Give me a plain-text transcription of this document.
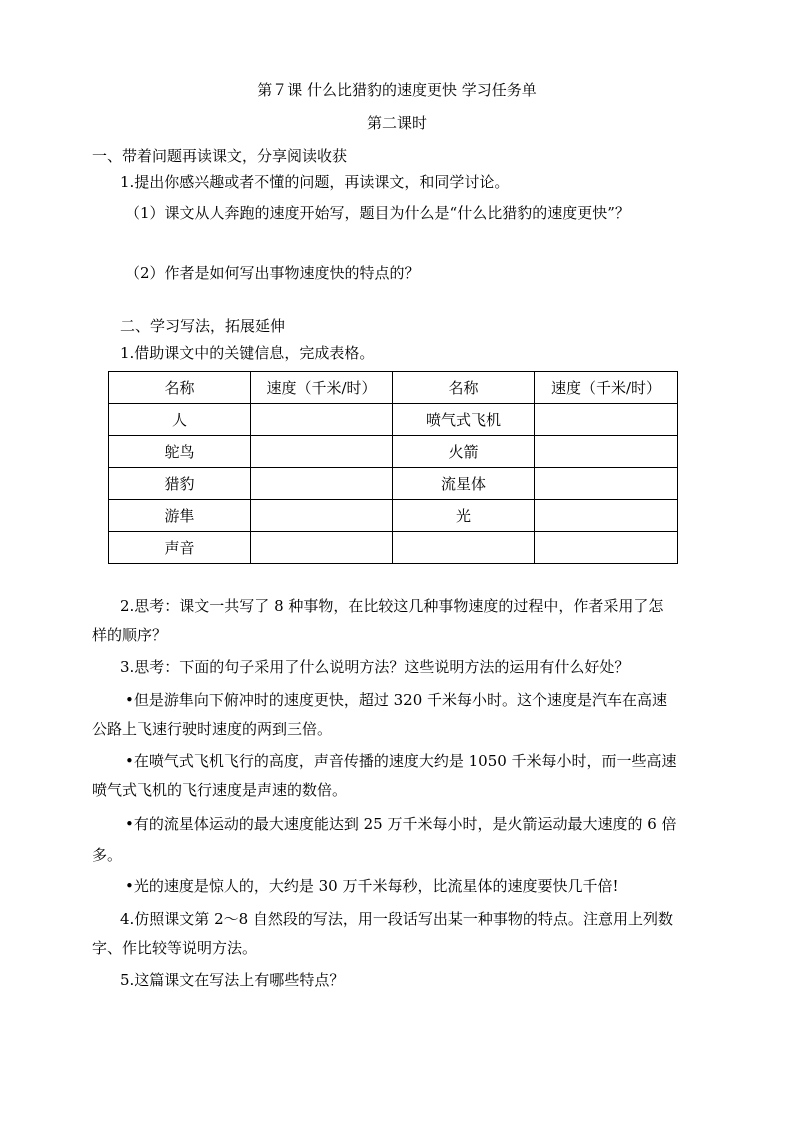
第７课 什么比猎豹的速度更快 学习任务单
第二课时
一、带着问题再读课文，分享阅读收获
1.提出你感兴趣或者不懂的问题，再读课文，和同学讨论。
（1）课文从人奔跑的速度开始写，题目为什么是“什么比猎豹的速度更快”？
（2）作者是如何写出事物速度快的特点的？
二、学习写法，拓展延伸
1.借助课文中的关键信息，完成表格。
名称	速度（千米/时）	名称	速度（千米/时）
人		喷气式飞机	
鸵鸟		火箭	
猎豹		流星体	
游隼		光	
声音			
2.思考：课文一共写了 8 种事物，在比较这几种事物速度的过程中，作者采用了怎
样的顺序？
3.思考：下面的句子采用了什么说明方法？这些说明方法的运用有什么好处？
•但是游隼向下俯冲时的速度更快，超过 320 千米每小时。这个速度是汽车在高速
公路上飞速行驶时速度的两到三倍。
•在喷气式飞机飞行的高度，声音传播的速度大约是 1050 千米每小时，而一些高速
喷气式飞机的飞行速度是声速的数倍。
•有的流星体运动的最大速度能达到 25 万千米每小时，是火箭运动最大速度的 6 倍
多。
•光的速度是惊人的，大约是 30 万千米每秒，比流星体的速度要快几千倍!
4.仿照课文第 2～8 自然段的写法，用一段话写出某一种事物的特点。注意用上列数
字、作比较等说明方法。
5.这篇课文在写法上有哪些特点？
